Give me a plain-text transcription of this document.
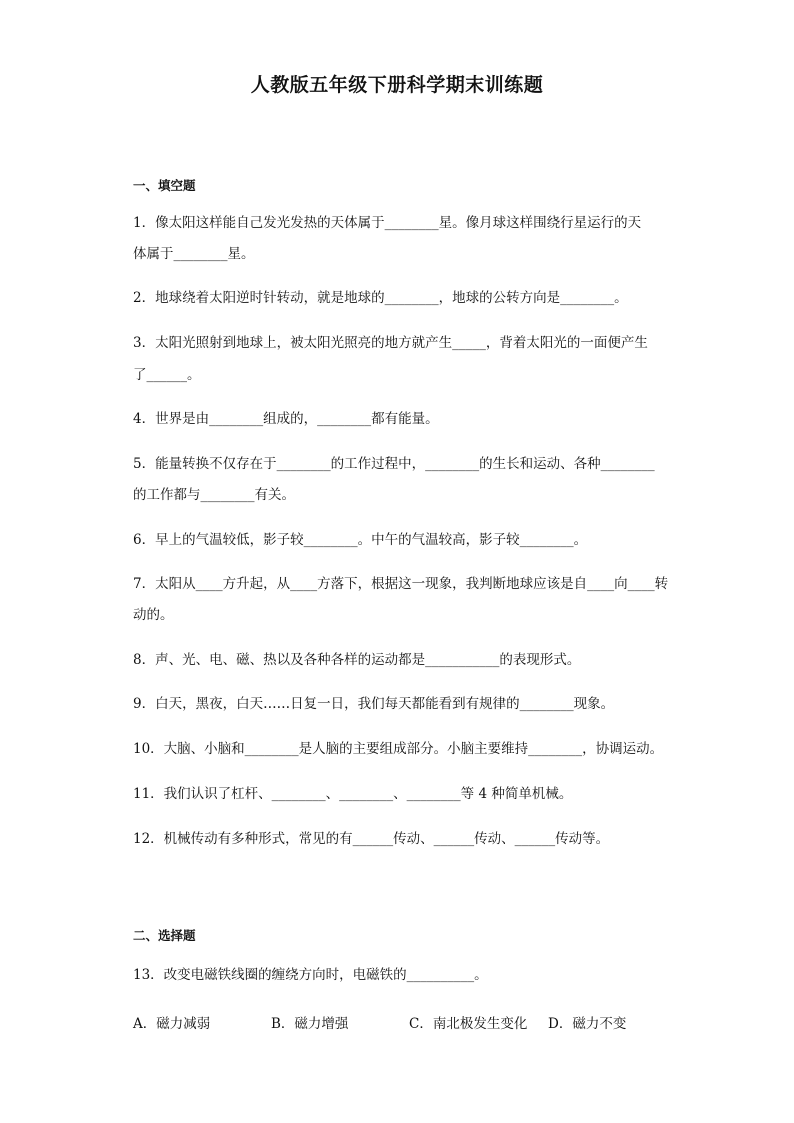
人教版五年级下册科学期末训练题
一、填空题
1．像太阳这样能自己发光发热的天体属于________星。像月球这样围绕行星运行的天
体属于________星。
2．地球绕着太阳逆时针转动，就是地球的________，地球的公转方向是________。
3．太阳光照射到地球上，被太阳光照亮的地方就产生_____，背着太阳光的一面便产生
了______。
4．世界是由________组成的，________都有能量。
5．能量转换不仅存在于________的工作过程中，________的生长和运动、各种________
的工作都与________有关。
6．早上的气温较低，影子较________。中午的气温较高，影子较________。
7．太阳从____方升起，从____方落下，根据这一现象，我判断地球应该是自____向____转
动的。
8．声、光、电、磁、热以及各种各样的运动都是___________的表现形式。
9．白天，黑夜，白天……日复一日，我们每天都能看到有规律的________现象。
10．大脑、小脑和________是人脑的主要组成部分。小脑主要维持________，协调运动。
11．我们认识了杠杆、________、________、________等 4 种简单机械。
12．机械传动有多种形式，常见的有______传动、______传动、______传动等。
二、选择题
13．改变电磁铁线圈的缠绕方向时，电磁铁的__________。
A．磁力减弱	B．磁力增强	C．南北极发生变化 D．磁力不变
